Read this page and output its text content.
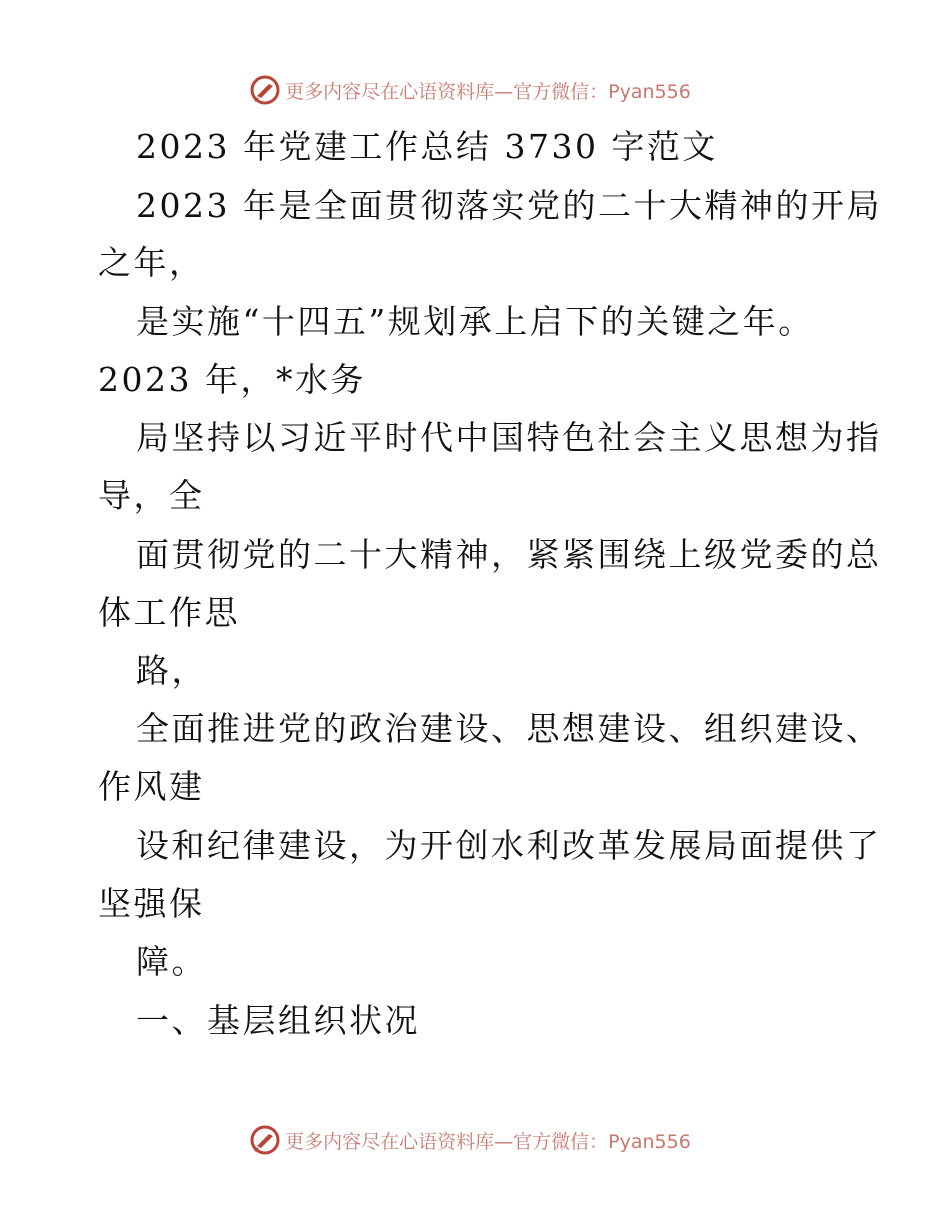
更多内容尽在心语资料库—官方微信：Pyan556
2023 年党建工作总结 3730 字范文
2023 年是全面贯彻落实党的二十大精神的开局
之年，
是实施“十四五”规划承上启下的关键之年。
2023 年，*水务
局坚持以习近平时代中国特色社会主义思想为指
导，全
面贯彻党的二十大精神，紧紧围绕上级党委的总
体工作思
路，
全面推进党的政治建设、思想建设、组织建设、
作风建
设和纪律建设，为开创水利改革发展局面提供了
坚强保
障。
一、基层组织状况
更多内容尽在心语资料库—官方微信：Pyan556
